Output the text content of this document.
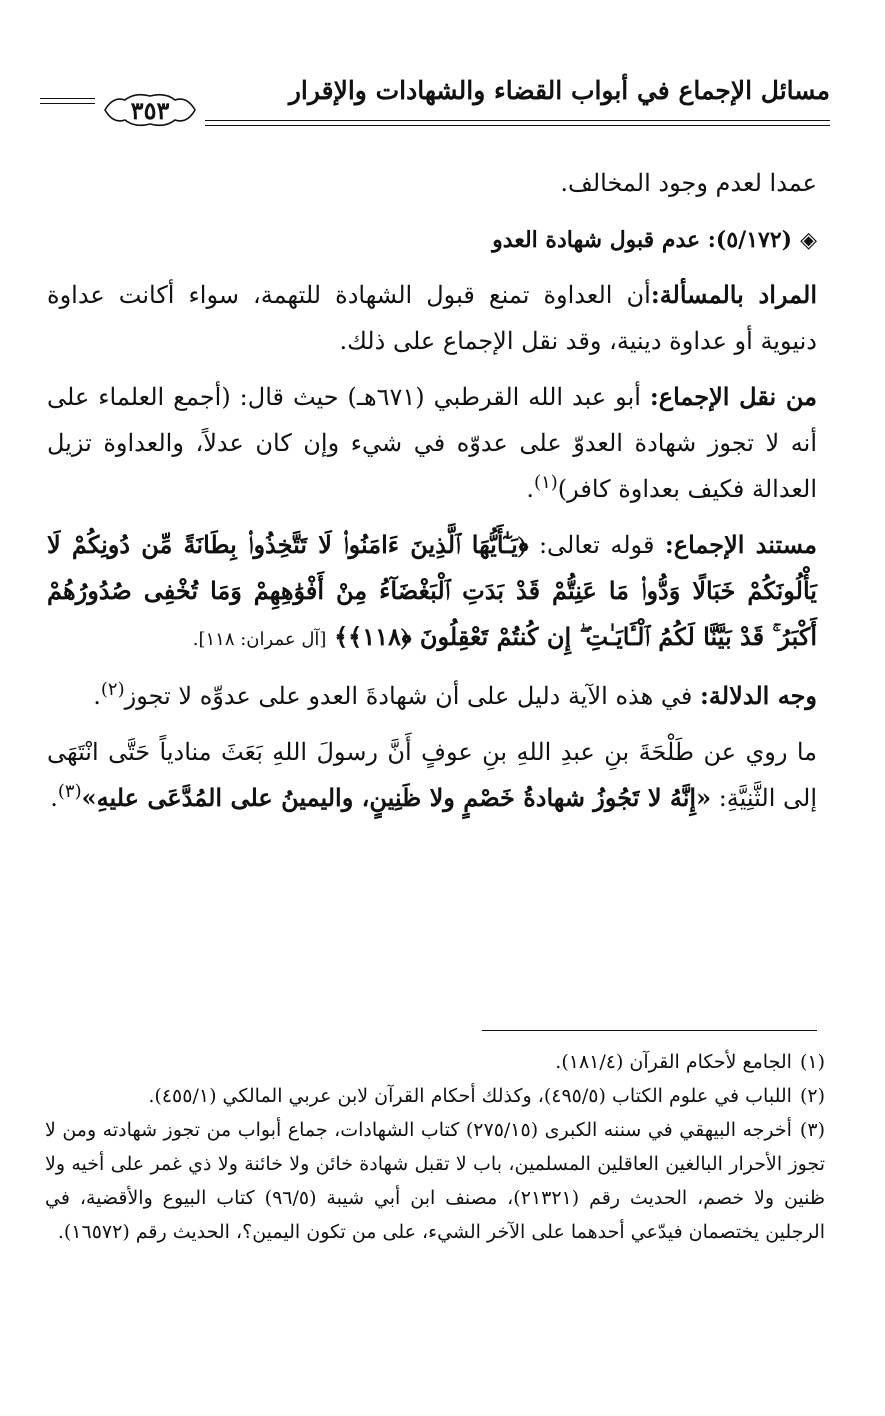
مسائل الإجماع في أبواب القضاء والشهادات والإقرار
٣٥٣

عمدا لعدم وجود المخالف.

◈(٥/١٧٢): عدم قبول شهادة العدو

المراد بالمسألة:أن العداوة تمنع قبول الشهادة للتهمة، سواء أكانت عداوة دنيوية أو عداوة دينية، وقد نقل الإجماع على ذلك.

من نقل الإجماع: أبو عبد الله القرطبي (٦٧١هـ) حيث قال: (أجمع العلماء على أنه لا تجوز شهادة العدوّ على عدوّه في شيء وإن كان عدلاً، والعداوة تزيل العدالة فكيف بعداوة كافر)$^{(١)}$.

مستند الإجماع: قوله تعالى: ﴿يَـٰٓأَيُّهَا ٱلَّذِينَ ءَامَنُوا۟ لَا تَتَّخِذُوا۟ بِطَانَةً مِّن دُونِكُمْ لَا يَأْلُونَكُمْ خَبَالًا وَدُّوا۟ مَا عَنِتُّمْ قَدْ بَدَتِ ٱلْبَغْضَآءُ مِنْ أَفْوَٰهِهِمْ وَمَا تُخْفِى صُدُورُهُمْ أَكْبَرُ ۚ قَدْ بَيَّنَّا لَكُمُ ٱلْـَٔايَـٰتِ ۖ إِن كُنتُمْ تَعْقِلُونَ ﴿١١٨﴾﴾ [آل عمران: ١١٨].

وجه الدلالة: في هذه الآية دليل على أن شهادةَ العدو على عدوِّه لا تجوز$^{(٢)}$.

ما روي عن طَلْحَةَ بنِ عبدِ اللهِ بنِ عوفٍ أَنَّ رسولَ اللهِ بَعَثَ منادياً حَتَّى انْتَهَى إلى الثَّنِيَّةِ: «إِنَّهُ لا تَجُوزُ شهادةُ خَصْمٍ ولا ظَنِينٍ، واليمينُ على المُدَّعَى عليهِ»$^{(٣)}$.

(١)الجامع لأحكام القرآن (١٨١/٤).

(٢)اللباب في علوم الكتاب (٤٩٥/٥)، وكذلك أحكام القرآن لابن عربي المالكي (٤٥٥/١).

(٣)أخرجه البيهقي في سننه الكبرى (٢٧٥/١٥) كتاب الشهادات، جماع أبواب من تجوز شهادته ومن لا تجوز الأحرار البالغين العاقلين المسلمين، باب لا تقبل شهادة خائن ولا خائنة ولا ذي غمر على أخيه ولا ظنين ولا خصم، الحديث رقم (٢١٣٢١)، مصنف ابن أبي شيبة (٩٦/٥) كتاب البيوع والأقضية، في الرجلين يختصمان فيدّعي أحدهما على الآخر الشيء، على من تكون اليمين؟، الحديث رقم (١٦٥٧٢).
